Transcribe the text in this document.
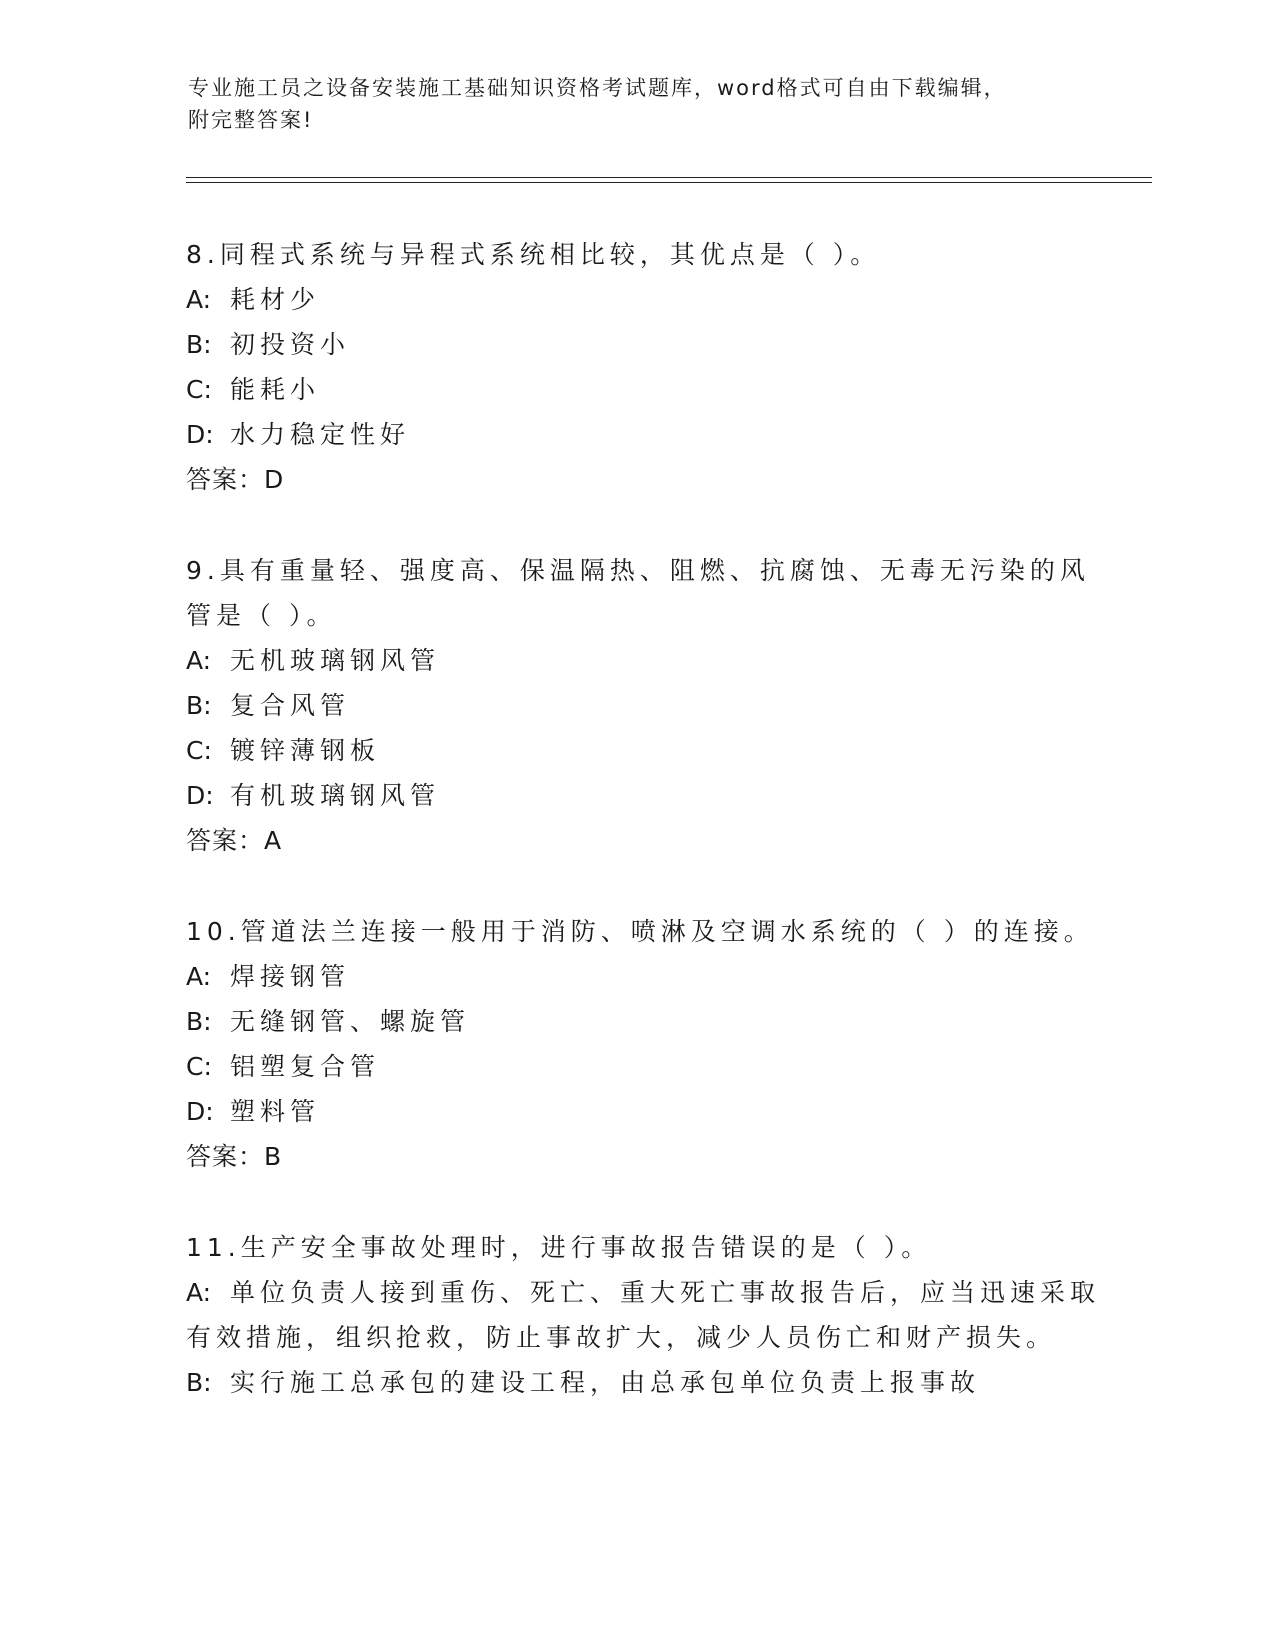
专业施工员之设备安装施工基础知识资格考试题库，word格式可自由下载编辑，
附完整答案!
8.同程式系统与异程式系统相比较，其优点是（ ）。
A: 耗材少
B: 初投资小
C: 能耗小
D: 水力稳定性好
答案：D
9.具有重量轻、强度高、保温隔热、阻燃、抗腐蚀、无毒无污染的风
管是（ ）。
A: 无机玻璃钢风管
B: 复合风管
C: 镀锌薄钢板
D: 有机玻璃钢风管
答案：A
10.管道法兰连接一般用于消防、喷淋及空调水系统的（ ）的连接。
A: 焊接钢管
B: 无缝钢管、螺旋管
C: 铝塑复合管
D: 塑料管
答案：B
11.生产安全事故处理时，进行事故报告错误的是（ ）。
A: 单位负责人接到重伤、死亡、重大死亡事故报告后，应当迅速采取
有效措施，组织抢救，防止事故扩大，减少人员伤亡和财产损失。
B: 实行施工总承包的建设工程，由总承包单位负责上报事故
